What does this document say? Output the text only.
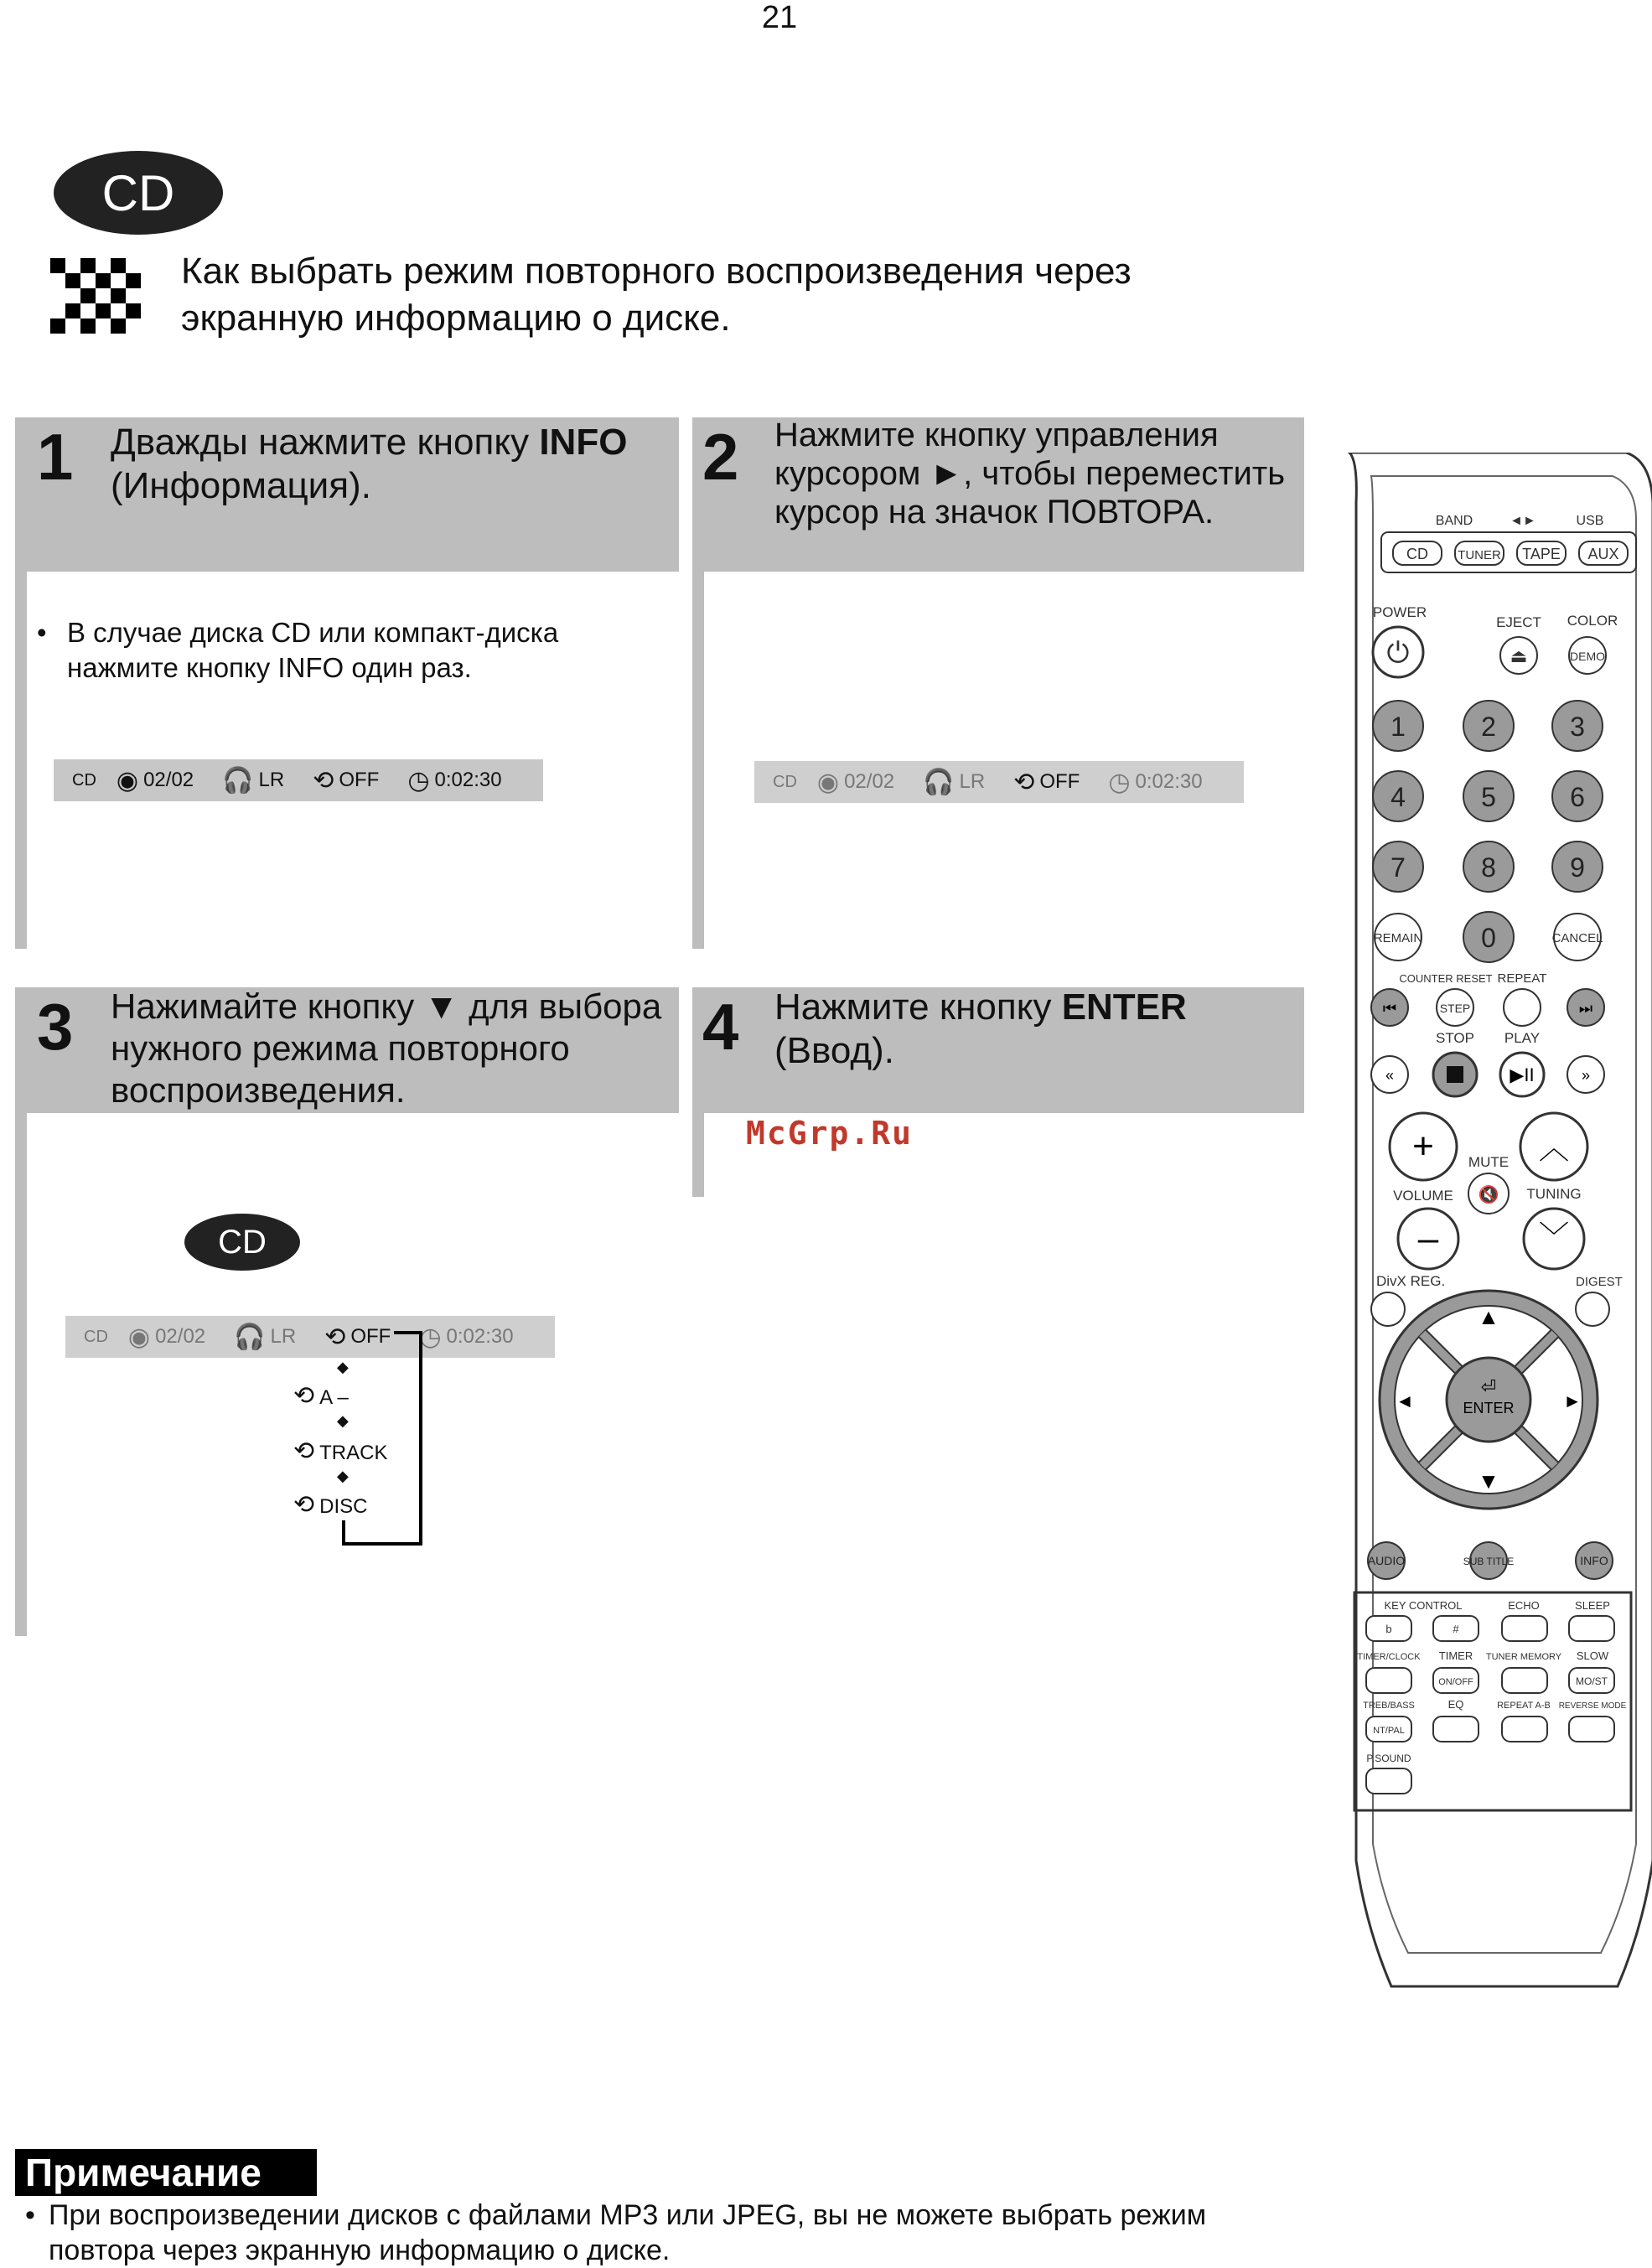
21
CD
Как выбрать режим повторного воспроизведения через экранную информацию о диске.
1 Дважды нажмите кнопку INFO (Информация).
• В случае диска CD или компакт-диска нажмите кнопку INFO один раз.
CD ◉ 02/02 🎧 LR ⟲ OFF ◷ 0:02:30
2 Нажмите кнопку управления курсором ►, чтобы переместить курсор на значок ПОВТОРА.
CD ◉ 02/02 🎧 LR ⟲ OFF ◷ 0:02:30
3 Нажимайте кнопку ▼ для выбора нужного режима повторного воспроизведения.
CD
CD ◉ 02/02 🎧 LR ⟲ OFF ◷ 0:02:30
◆
⟲ A –
◆
⟲ TRACK
◆
⟲ DISC
4 Нажмите кнопку ENTER (Ввод).
McGrp.Ru
BAND	◄►	USB
CD TUNER TAPE AUX
POWER
EJECT COLOR
⏻	⏏	DEMO
1	2	3
4	5	6
7	8	9
0
REMAIN	CANCEL
COUNTER RESET REPEAT
⏮	STEP	⏭
STOP PLAY
«	▶II	»
+	︿
MUTE
🔇
VOLUME	TUNING
–	﹀
DivX REG.	DIGEST
▲
▼
◄	►
⏎
ENTER
AUDIO	SUB TITLE	INFO
KEY CONTROL	ECHO	SLEEP
b	#
TIMER/CLOCK TIMER TUNER MEMORY SLOW
ON/OFF	MO/ST
TREB/BASS	EQ	REPEAT A-B REVERSE MODE
NT/PAL
P.SOUND
Примечание
• При воспроизведении дисков с файлами MP3 или JPEG, вы не можете выбрать режим повтора через экранную информацию о диске.
